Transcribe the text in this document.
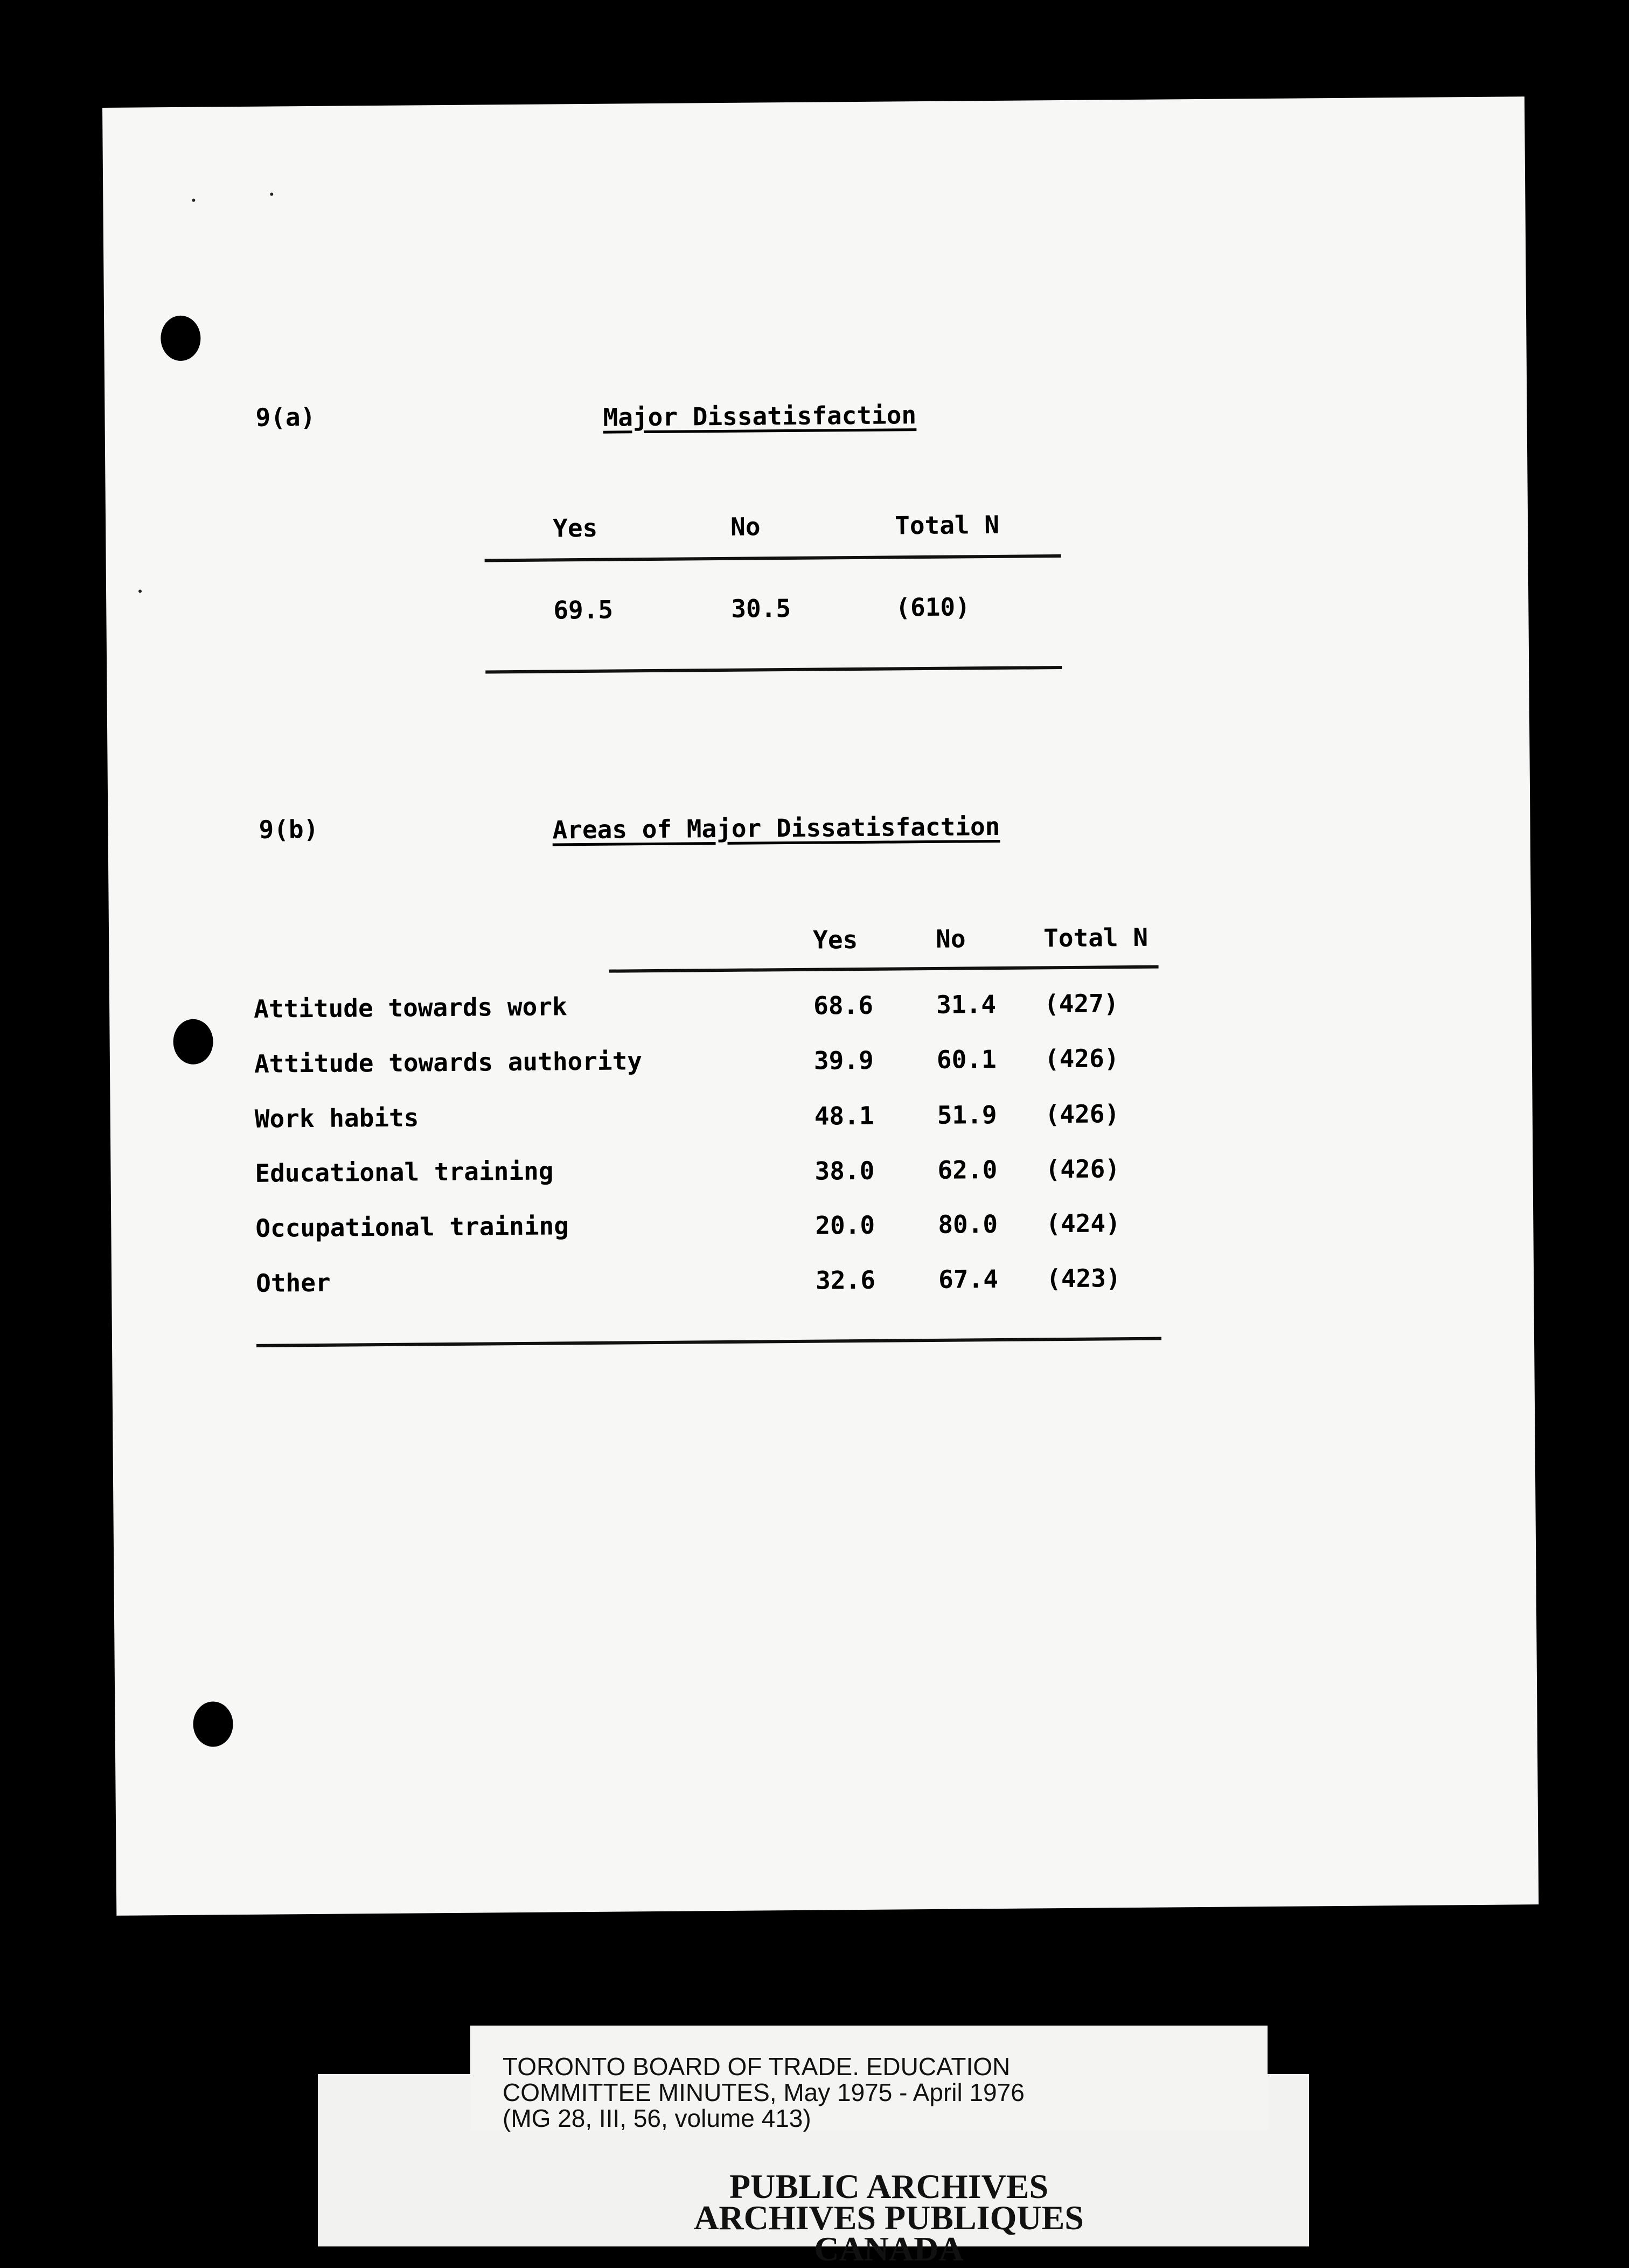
9(a)	Major Dissatisfaction
Yes	No	Total N
69.5	30.5	(610)
9(b)	Areas of Major Dissatisfaction
Yes	No	Total N
Attitude towards work	68.6	31.4 (427)
Attitude towards authority	39.9	60.1 (426)
Work habits	48.1	51.9 (426)
Educational training	38.0	62.0 (426)
Occupational training	20.0	80.0 (424)
Other	32.6	67.4 (423)
TORONTO BOARD OF TRADE. EDUCATION
COMMITTEE MINUTES, May 1975 - April 1976
(MG 28, III, 56, volume 413)
PUBLIC ARCHIVES
ARCHIVES PUBLIQUES
CANADA
